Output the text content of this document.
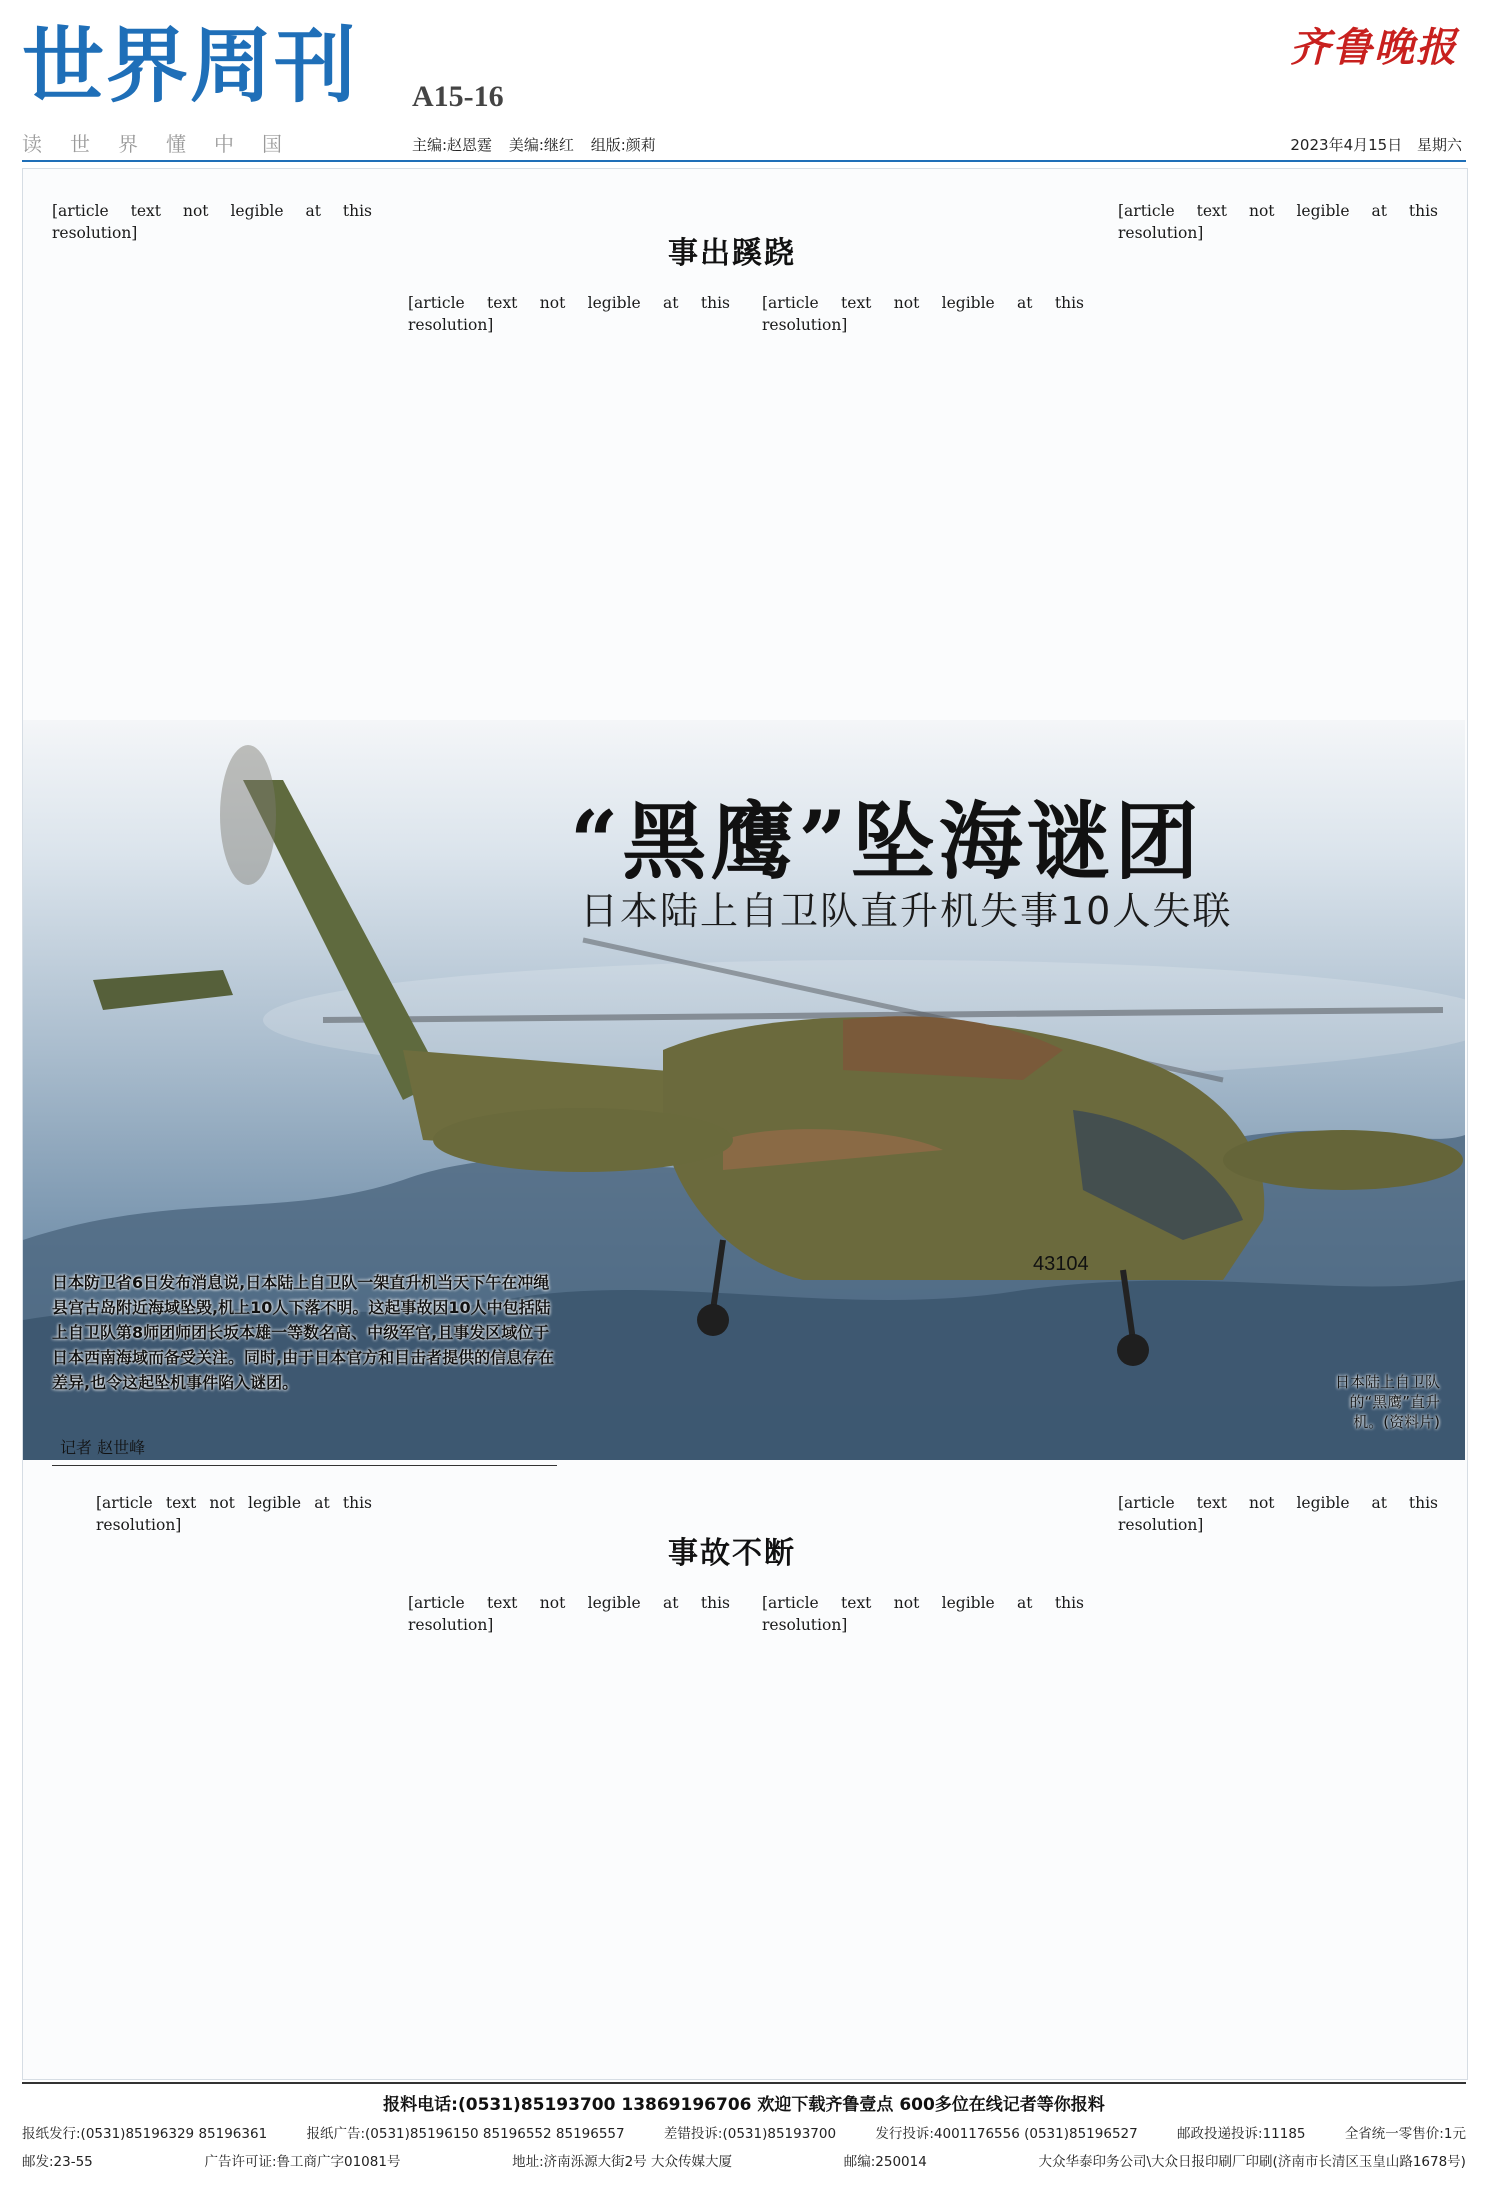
世界周刊 A15-16
读世界懂中国	主编:赵恩霆 美编:继红 组版:颜莉
齐鲁晚报
2023年4月15日 星期六
事出蹊跷
[article text not legible at this resolution]
[article text not legible at this resolution]
[article text not legible at this resolution]
[article text not legible at this resolution]
43104
“黑鹰”坠海谜团
日本陆上自卫队直升机失事10人失联
日本防卫省6日发布消息说,日本陆上自卫队一架直升机当天下午在冲绳县宫古岛附近海域坠毁,机上10人下落不明。这起事故因10人中包括陆上自卫队第8师团师团长坂本雄一等数名高、中级军官,且事发区域位于日本西南海域而备受关注。同时,由于日本官方和目击者提供的信息存在差异,也令这起坠机事件陷入谜团。
记者 赵世峰
日本陆上自卫队的“黑鹰”直升机。(资料片)
事故不断
[article text not legible at this resolution]
[article text not legible at this resolution]
[article text not legible at this resolution]
[article text not legible at this resolution]
报料电话:(0531)85193700 13869196706 欢迎下载齐鲁壹点 600多位在线记者等你报料
报纸发行:(0531)85196329 85196361	报纸广告:(0531)85196150 85196552 85196557	差错投诉:(0531)85193700	发行投诉:4001176556 (0531)85196527	邮政投递投诉:11185	全省统一零售价:1元
邮发:23-55	广告许可证:鲁工商广字01081号	地址:济南泺源大街2号 大众传媒大厦	邮编:250014	大众华泰印务公司\大众日报印刷厂印刷(济南市长清区玉皇山路1678号)
